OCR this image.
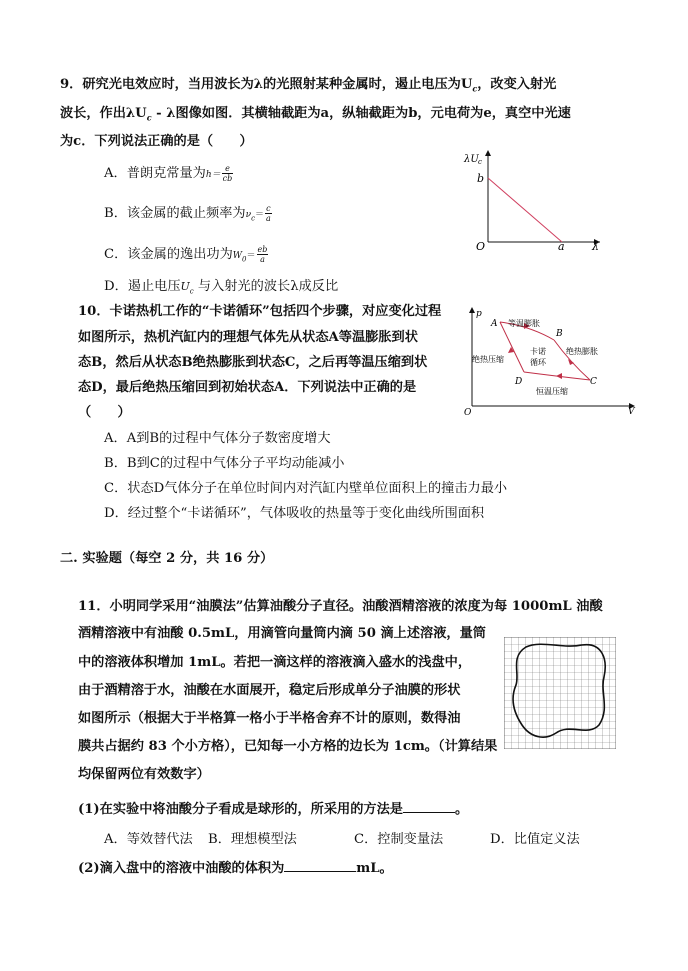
9．研究光电效应时，当用波长为λ的光照射某种金属时，遏止电压为$U_c$，改变入射光
波长，作出$\lambda U_c$ - λ图像如图．其横轴截距为a，纵轴截距为b，元电荷为e，真空中光速
为c．下列说法正确的是（　　）
A．普朗克常量为$h= \frac{e}{cb}$
B．该金属的截止频率为$\nu_c= \frac{c}{a}$
C．该金属的逸出功为$W_0= \frac{eb}{a}$
D．遏止电压$U_c$ 与入射光的波长λ成反比
λU c
b
O	a λ
10．卡诺热机工作的“卡诺循环”包括四个步骤，对应变化过程
如图所示，热机汽缸内的理想气体先从状态A等温膨胀到状
态B，然后从状态B绝热膨胀到状态C，之后再等温压缩到状
态D，最后绝热压缩回到初始状态A．下列说法中正确的是
（　　）
A．A到B的过程中气体分子数密度增大
B．B到C的过程中气体分子平均动能减小
C．状态D气体分子在单位时间内对汽缸内壁单位面积上的撞击力最小
D．经过整个“卡诺循环”，气体吸收的热量等于变化曲线所围面积
p
V
O
A
B
C
D
等温膨胀
绝热膨胀
恒温压缩
绝热压缩
卡诺
循环
二. 实验题（每空 2 分，共 16 分）
11．小明同学采用“油膜法”估算油酸分子直径。油酸酒精溶液的浓度为每 1000mL 油酸
酒精溶液中有油酸 0.5mL，用滴管向量筒内滴 50 滴上述溶液，量筒
中的溶液体积增加 1mL。若把一滴这样的溶液滴入盛水的浅盘中，
由于酒精溶于水，油酸在水面展开，稳定后形成单分子油膜的形状
如图所示（根据大于半格算一格小于半格舍弃不计的原则，数得油
膜共占据约 83 个小方格），已知每一小方格的边长为 1cm。（计算结果
均保留两位有效数字）
(1)在实验中将油酸分子看成是球形的，所采用的方法是	。
A．等效替代法 B．理想模型法	C．控制变量法	D．比值定义法
(2)滴入盘中的溶液中油酸的体积为	mL。
